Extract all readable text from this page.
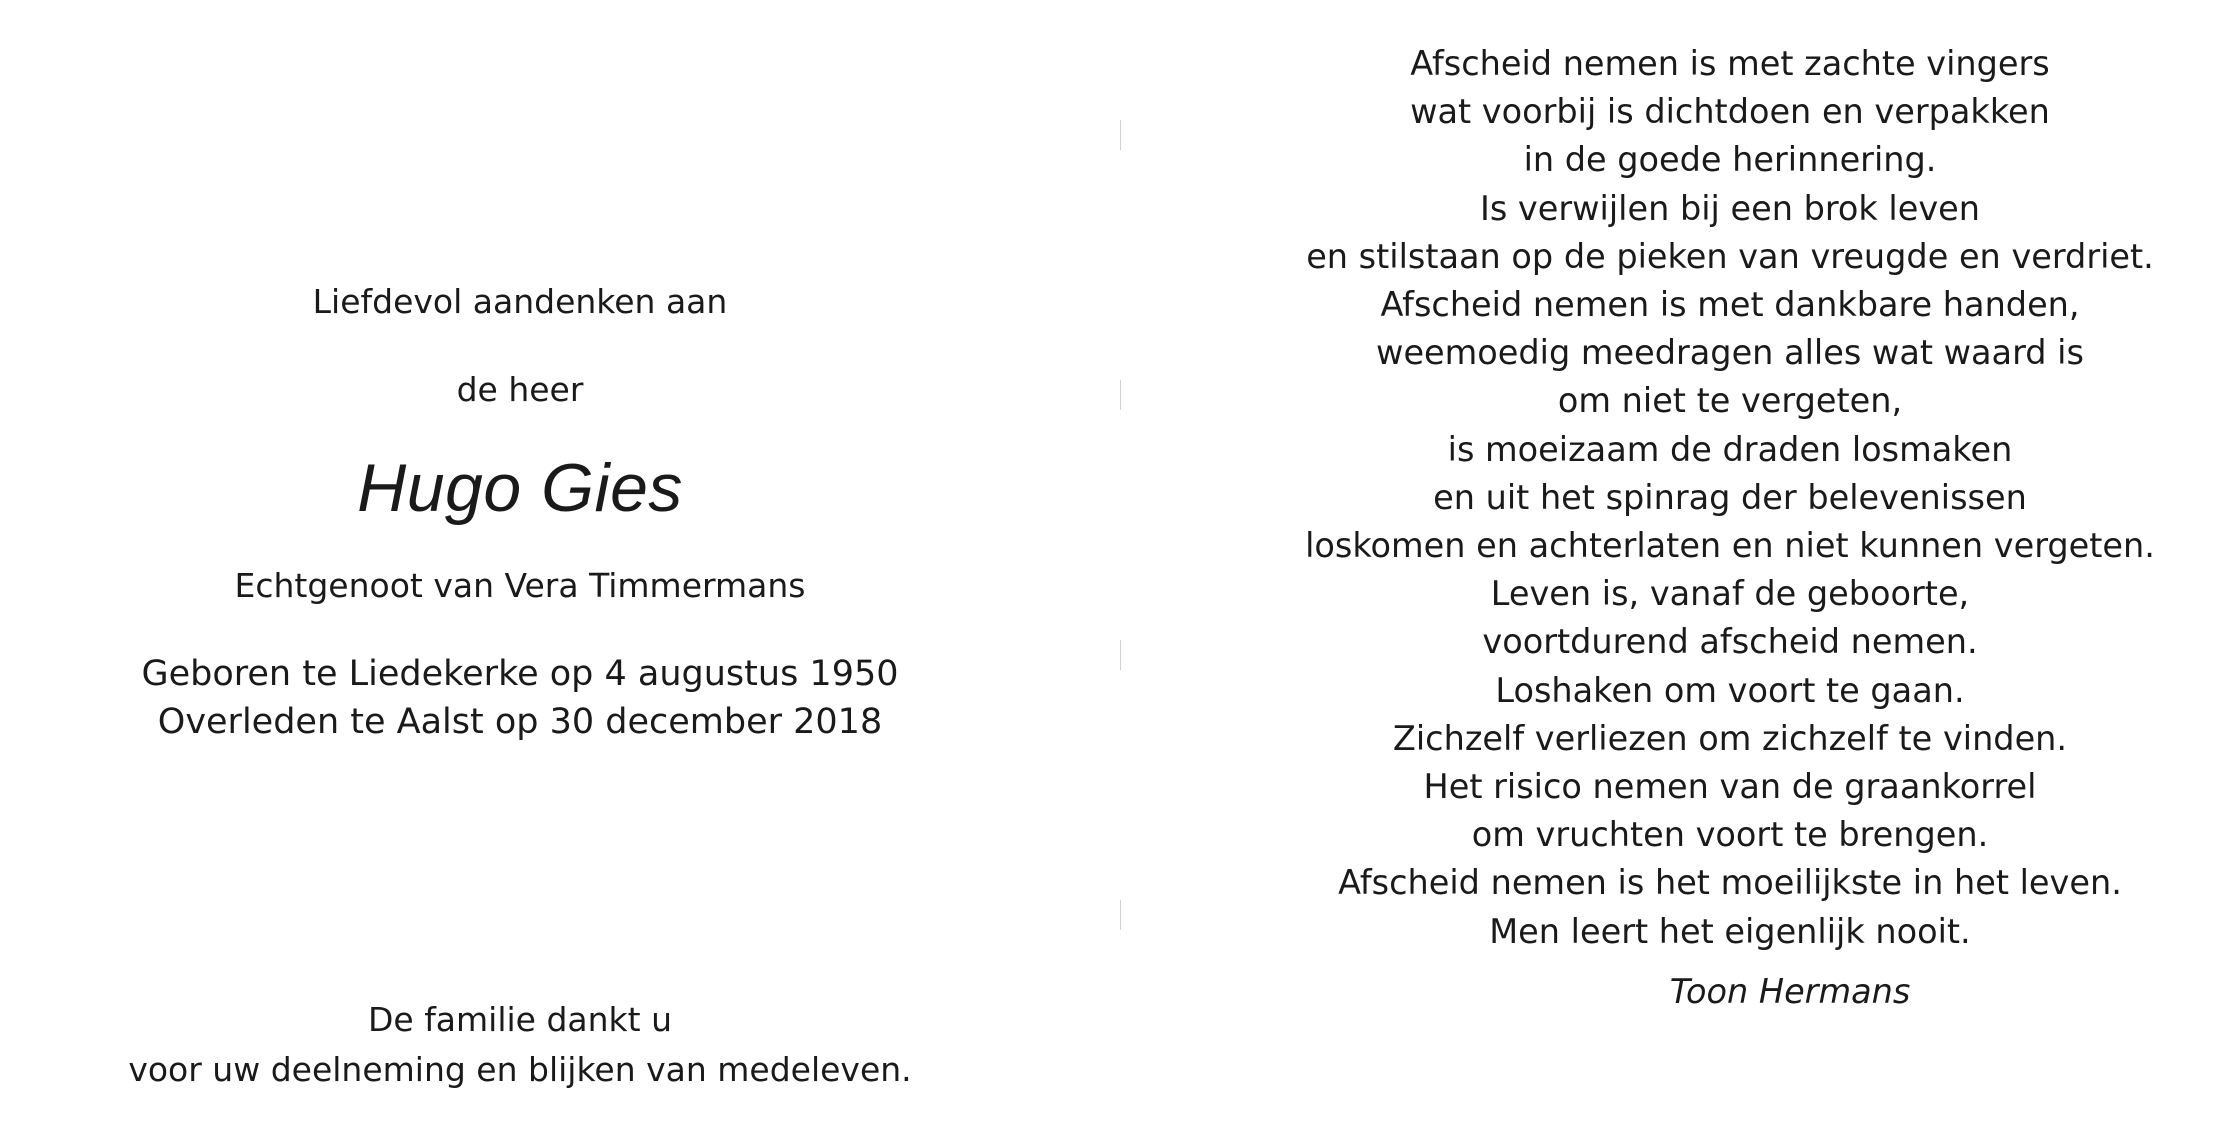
Liefdevol aandenken aan
de heer
Hugo Gies
Echtgenoot van Vera Timmermans
Geboren te Liedekerke op 4 augustus 1950
Overleden te Aalst op 30 december 2018
De familie dankt u
voor uw deelneming en blijken van medeleven.
Afscheid nemen is met zachte vingers
wat voorbij is dichtdoen en verpakken
in de goede herinnering.
Is verwijlen bij een brok leven
en stilstaan op de pieken van vreugde en verdriet.
Afscheid nemen is met dankbare handen,
weemoedig meedragen alles wat waard is
om niet te vergeten,
is moeizaam de draden losmaken
en uit het spinrag der belevenissen
loskomen en achterlaten en niet kunnen vergeten.
Leven is, vanaf de geboorte,
voortdurend afscheid nemen.
Loshaken om voort te gaan.
Zichzelf verliezen om zichzelf te vinden.
Het risico nemen van de graankorrel
om vruchten voort te brengen.
Afscheid nemen is het moeilijkste in het leven.
Men leert het eigenlijk nooit.
Toon Hermans
